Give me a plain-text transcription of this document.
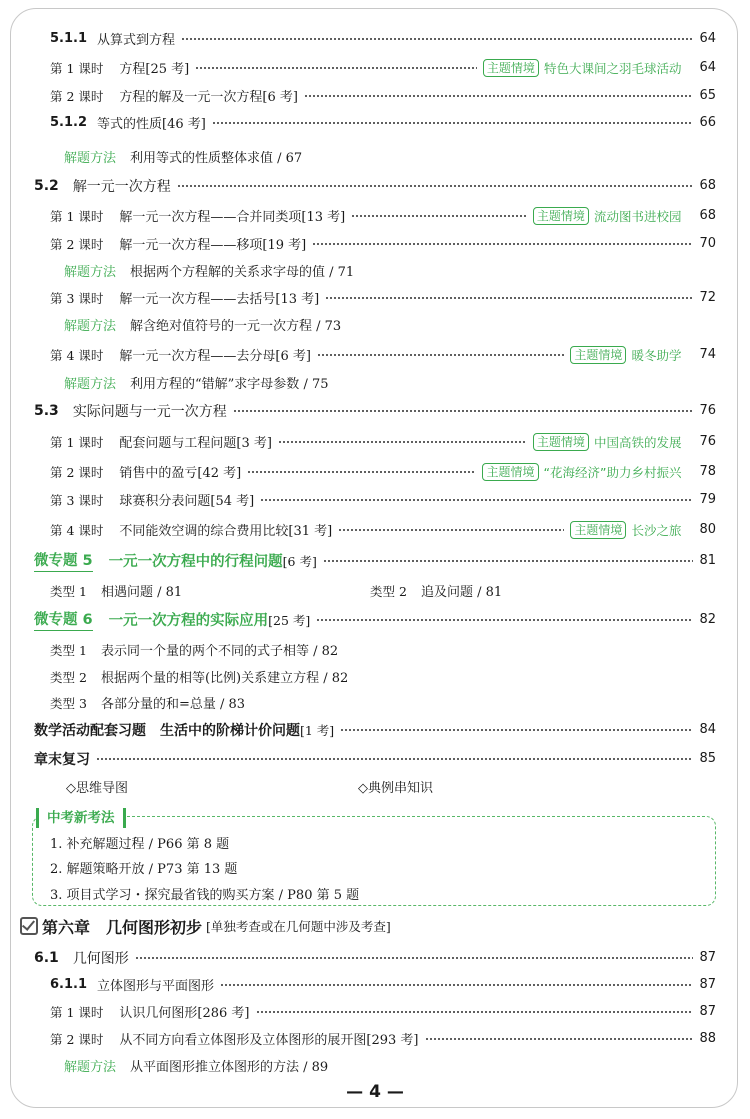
5.1.1 从算式到方程	64
第 1 课时 方程[25 考]	主题情境 特色大课间之羽毛球活动 64
第 2 课时 方程的解及一元一次方程[6 考]	65
5.1.2 等式的性质[46 考]	66
解题方法 利用等式的性质整体求值 / 67
5.2 解一元一次方程	68
第 1 课时 解一元一次方程——合并同类项[13 考]	主题情境 流动图书进校园 68
第 2 课时 解一元一次方程——移项[19 考]	70
解题方法 根据两个方程解的关系求字母的值 / 71
第 3 课时 解一元一次方程——去括号[13 考]	72
解题方法 解含绝对值符号的一元一次方程 / 73
第 4 课时 解一元一次方程——去分母[6 考]	主题情境 暖冬助学 74
解题方法 利用方程的“错解”求字母参数 / 75
5.3 实际问题与一元一次方程	76
第 1 课时 配套问题与工程问题[3 考]	主题情境 中国高铁的发展 76
第 2 课时 销售中的盈亏[42 考]	主题情境 “花海经济”助力乡村振兴 78
第 3 课时 球赛积分表问题[54 考]	79
第 4 课时 不同能效空调的综合费用比较[31 考]	主题情境 长沙之旅 80
微专题 5 一元一次方程中的行程问题 [6 考]	81
类型 1 相遇问题 / 81	类型 2 追及问题 / 81
微专题 6 一元一次方程的实际应用 [25 考]	82
类型 1 表示同一个量的两个不同的式子相等 / 82
类型 2 根据两个量的相等(比例)关系建立方程 / 82
类型 3 各部分量的和=总量 / 83
数学活动配套习题　生活中的阶梯计价问题 [1 考]	84
章末复习	85
◇思维导图	◇典例串知识
中考新考法
1. 补充解题过程 / P66 第 8 题
2. 解题策略开放 / P73 第 13 题
3. 项目式学习・探究最省钱的购买方案 / P80 第 5 题
第六章　几何图形初步 [单独考查或在几何题中涉及考查]
6.1 几何图形	87
6.1.1 立体图形与平面图形	87
第 1 课时 认识几何图形[286 考]	87
第 2 课时 从不同方向看立体图形及立体图形的展开图[293 考]	88
解题方法 从平面图形推立体图形的方法 / 89
— 4 —
